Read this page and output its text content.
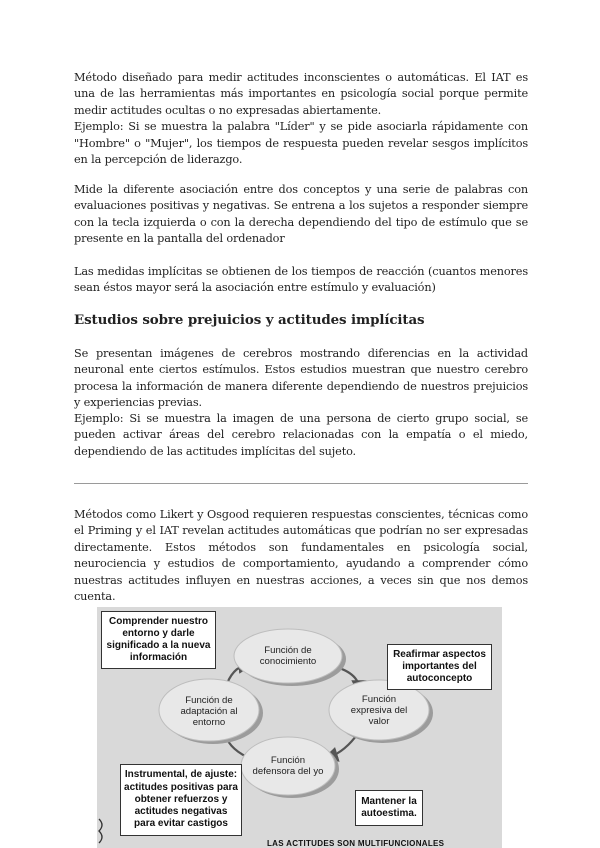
Método diseñado para medir actitudes inconscientes o automáticas. El IAT es una de las herramientas más importantes en psicología social porque permite medir actitudes ocultas o no expresadas abiertamente.

Ejemplo: Si se muestra la palabra "Líder" y se pide asociarla rápidamente con "Hombre" o "Mujer", los tiempos de respuesta pueden revelar sesgos implícitos en la percepción de liderazgo.

Mide la diferente asociación entre dos conceptos y una serie de palabras con evaluaciones positivas y negativas. Se entrena a los sujetos a responder siempre con la tecla izquierda o con la derecha dependiendo del tipo de estímulo que se presente en la pantalla del ordenador

Las medidas implícitas se obtienen de los tiempos de reacción (cuantos menores sean éstos mayor será la asociación entre estímulo y evaluación)

Estudios sobre prejuicios y actitudes implícitas

Se presentan imágenes de cerebros mostrando diferencias en la actividad neuronal ente ciertos estímulos. Estos estudios muestran que nuestro cerebro procesa la información de manera diferente dependiendo de nuestros prejuicios y experiencias previas.

Ejemplo: Si se muestra la imagen de una persona de cierto grupo social, se pueden activar áreas del cerebro relacionadas con la empatía o el miedo, dependiendo de las actitudes implícitas del sujeto.

Métodos como Likert y Osgood requieren respuestas conscientes, técnicas como el Priming y el IAT revelan actitudes automáticas que podrían no ser expresadas directamente. Estos métodos son fundamentales en psicología social, neurociencia y estudios de comportamiento, ayudando a comprender cómo nuestras actitudes influyen en nuestras acciones, a veces sin que nos demos cuenta.

Función de conocimiento
Función expresiva del valor
Función defensora del yo
Función de adaptación al entorno
Comprender nuestro entorno y darle significado a la nueva información	Reafirmar aspectos importantes del autoconcepto
Instrumental, de ajuste: actitudes positivas para obtener refuerzos y actitudes negativas para evitar castigos
Mantener la autoestima.
LAS ACTITUDES SON MULTIFUNCIONALES
